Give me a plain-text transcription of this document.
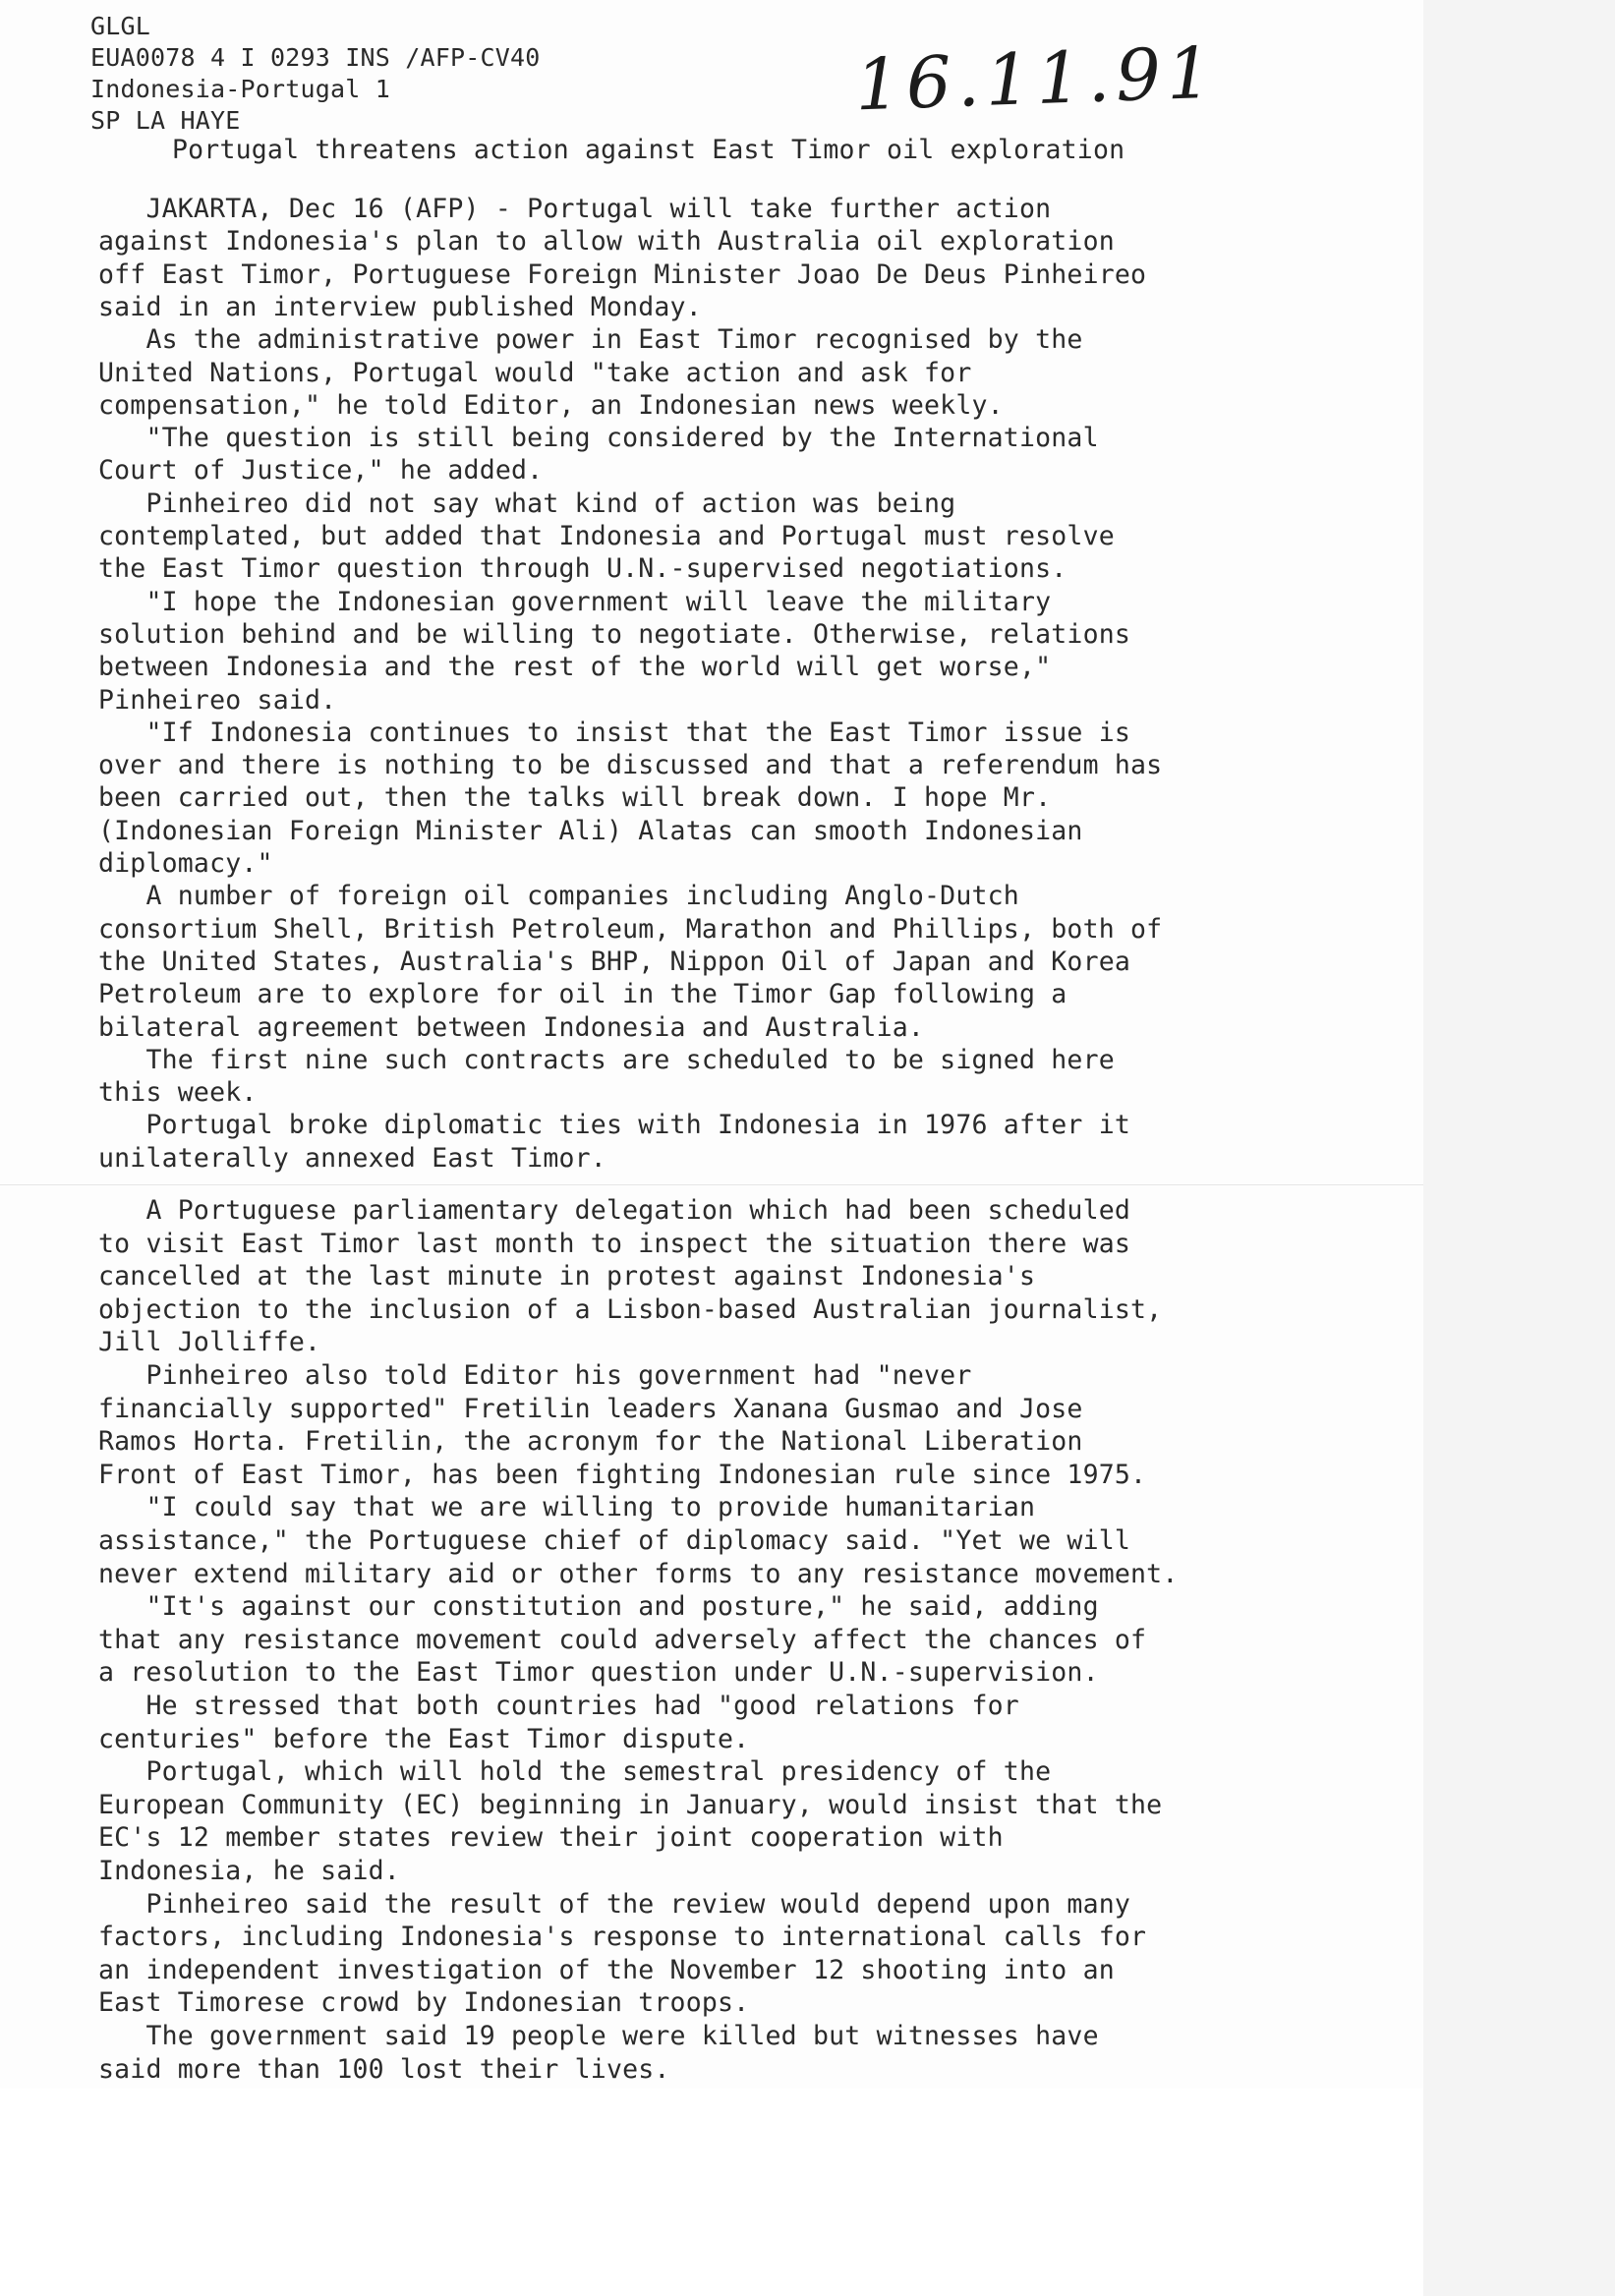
GLGL
EUA0078 4 I 0293 INS /AFP-CV40
Indonesia-Portugal 1
SP LA HAYE
Portugal threatens action against East Timor oil exploration
JAKARTA, Dec 16 (AFP) - Portugal will take further action
against Indonesia's plan to allow with Australia oil exploration
off East Timor, Portuguese Foreign Minister Joao De Deus Pinheireo
said in an interview published Monday.
As the administrative power in East Timor recognised by the
United Nations, Portugal would "take action and ask for
compensation," he told Editor, an Indonesian news weekly.
"The question is still being considered by the International
Court of Justice," he added.
Pinheireo did not say what kind of action was being
contemplated, but added that Indonesia and Portugal must resolve
the East Timor question through U.N.-supervised negotiations.
"I hope the Indonesian government will leave the military
solution behind and be willing to negotiate. Otherwise, relations
between Indonesia and the rest of the world will get worse,"
Pinheireo said.
"If Indonesia continues to insist that the East Timor issue is
over and there is nothing to be discussed and that a referendum has
been carried out, then the talks will break down. I hope Mr.
(Indonesian Foreign Minister Ali) Alatas can smooth Indonesian
diplomacy."
A number of foreign oil companies including Anglo-Dutch
consortium Shell, British Petroleum, Marathon and Phillips, both of
the United States, Australia's BHP, Nippon Oil of Japan and Korea
Petroleum are to explore for oil in the Timor Gap following a
bilateral agreement between Indonesia and Australia.
The first nine such contracts are scheduled to be signed here
this week.
Portugal broke diplomatic ties with Indonesia in 1976 after it
unilaterally annexed East Timor.
16.11.91
A Portuguese parliamentary delegation which had been scheduled
to visit East Timor last month to inspect the situation there was
cancelled at the last minute in protest against Indonesia's
objection to the inclusion of a Lisbon-based Australian journalist,
Jill Jolliffe.
Pinheireo also told Editor his government had "never
financially supported" Fretilin leaders Xanana Gusmao and Jose
Ramos Horta. Fretilin, the acronym for the National Liberation
Front of East Timor, has been fighting Indonesian rule since 1975.
"I could say that we are willing to provide humanitarian
assistance," the Portuguese chief of diplomacy said. "Yet we will
never extend military aid or other forms to any resistance movement.
"It's against our constitution and posture," he said, adding
that any resistance movement could adversely affect the chances of
a resolution to the East Timor question under U.N.-supervision.
He stressed that both countries had "good relations for
centuries" before the East Timor dispute.
Portugal, which will hold the semestral presidency of the
European Community (EC) beginning in January, would insist that the
EC's 12 member states review their joint cooperation with
Indonesia, he said.
Pinheireo said the result of the review would depend upon many
factors, including Indonesia's response to international calls for
an independent investigation of the November 12 shooting into an
East Timorese crowd by Indonesian troops.
The government said 19 people were killed but witnesses have
said more than 100 lost their lives.
